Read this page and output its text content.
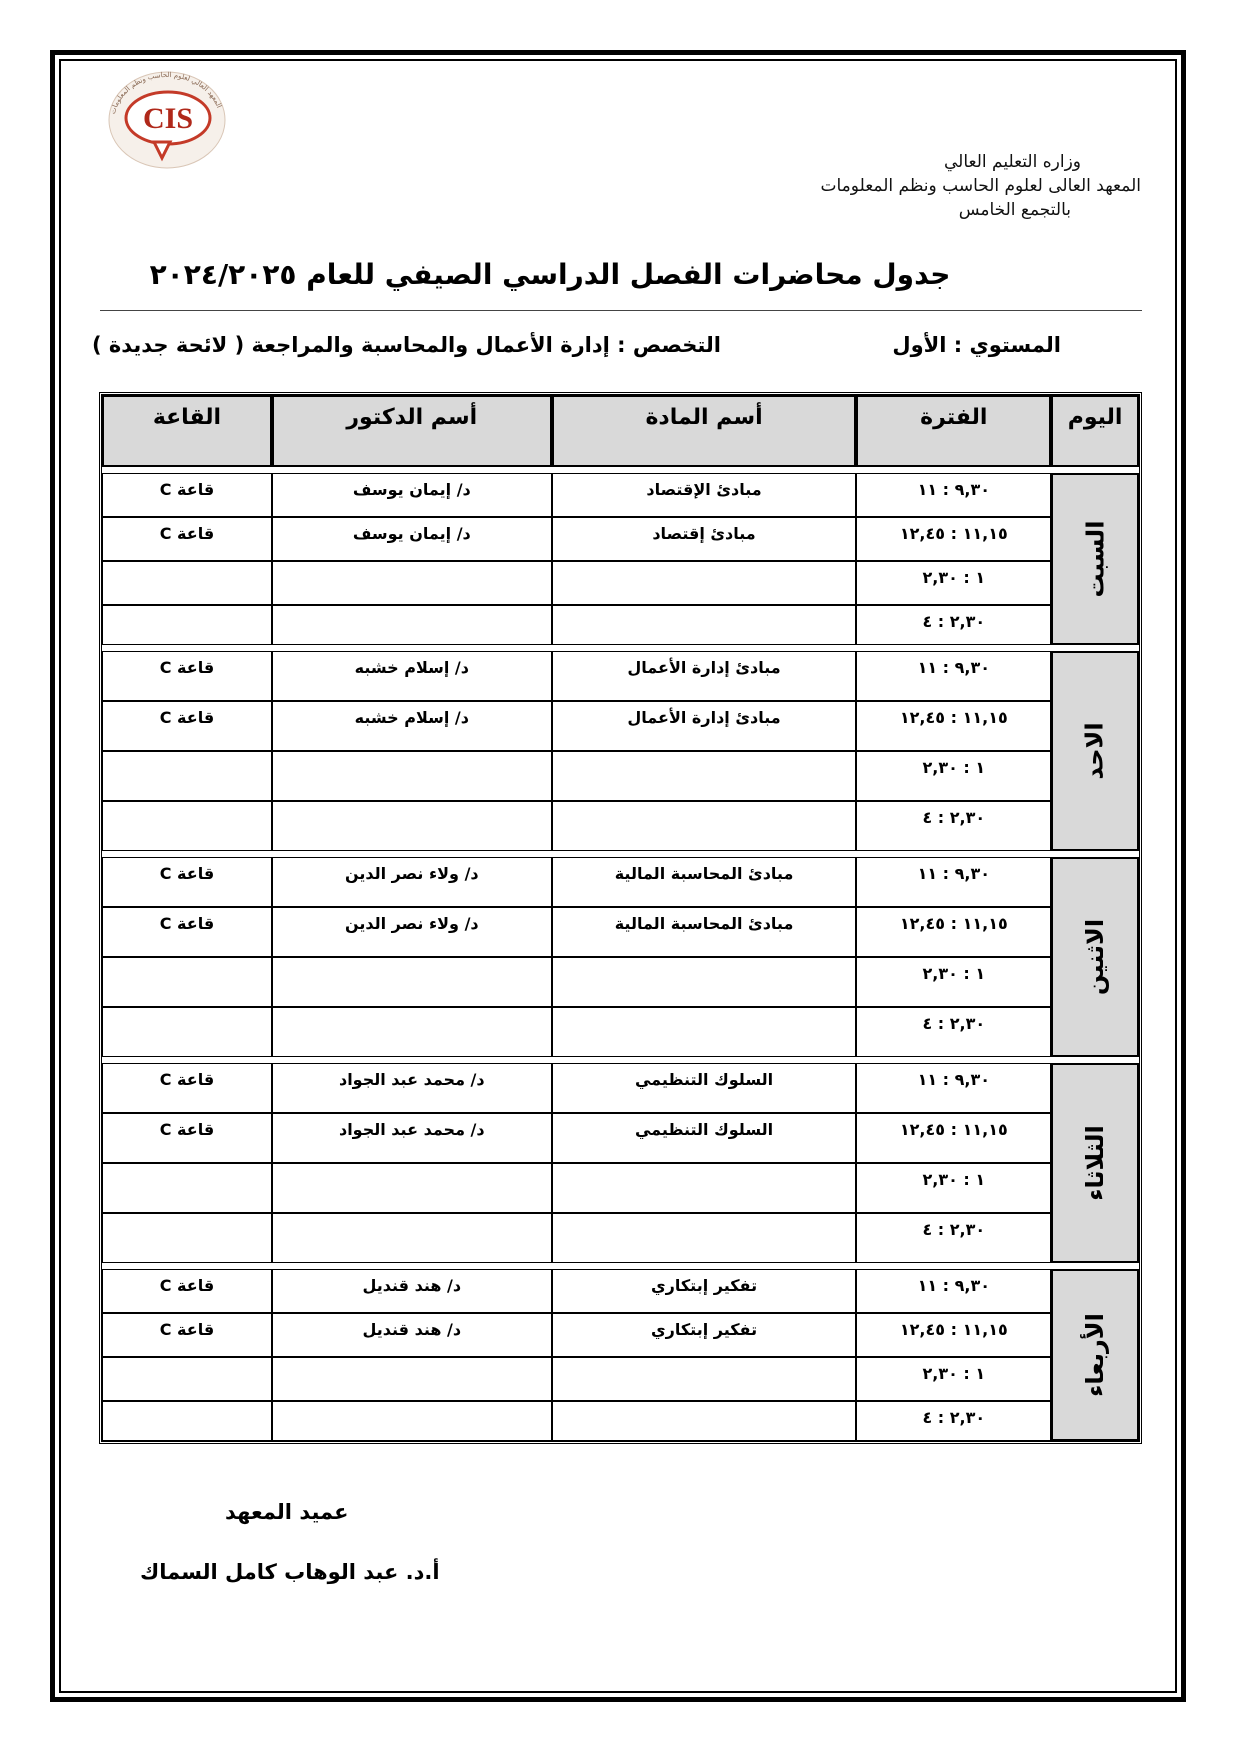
المعهد العالي لعلوم الحاسب ونظم المعلومات
CIS
وزاره التعليم العالي
المعهد العالى لعلوم الحاسب ونظم المعلومات
بالتجمع الخامس
جدول محاضرات الفصل الدراسي الصيفي للعام ٢٠٢٤/٢٠٢٥
المستوي : الأول
التخصص : إدارة الأعمال والمحاسبة والمراجعة ( لائحة جديدة )
اليوم	الفترة	أسم المادة	أسم الدكتور	القاعة

السبت	٩,٣٠ : ١١	مبادئ الإقتصاد	د/ إيمان يوسف	قاعة C
	١١,١٥ : ١٢,٤٥	مبادئ إقتصاد	د/ إيمان يوسف	قاعة C
	١ : ٢,٣٠			
	٢,٣٠ : ٤			

الاحد	٩,٣٠ : ١١	مبادئ إدارة الأعمال	د/ إسلام خشبه	قاعة C
	١١,١٥ : ١٢,٤٥	مبادئ إدارة الأعمال	د/ إسلام خشبه	قاعة C
	١ : ٢,٣٠			
	٢,٣٠ : ٤			

الاثنين	٩,٣٠ : ١١	مبادئ المحاسبة المالية	د/ ولاء نصر الدين	قاعة C
	١١,١٥ : ١٢,٤٥	مبادئ المحاسبة المالية	د/ ولاء نصر الدين	قاعة C
	١ : ٢,٣٠			
	٢,٣٠ : ٤			

الثلاثاء	٩,٣٠ : ١١	السلوك التنظيمي	د/ محمد عبد الجواد	قاعة C
	١١,١٥ : ١٢,٤٥	السلوك التنظيمي	د/ محمد عبد الجواد	قاعة C
	١ : ٢,٣٠			
	٢,٣٠ : ٤			

الأربعاء	٩,٣٠ : ١١	تفكير إبتكاري	د/ هند قنديل	قاعة C
	١١,١٥ : ١٢,٤٥	تفكير إبتكاري	د/ هند قنديل	قاعة C
	١ : ٢,٣٠			
	٢,٣٠ : ٤			
عميد المعهد
أ.د. عبد الوهاب كامل السماك
